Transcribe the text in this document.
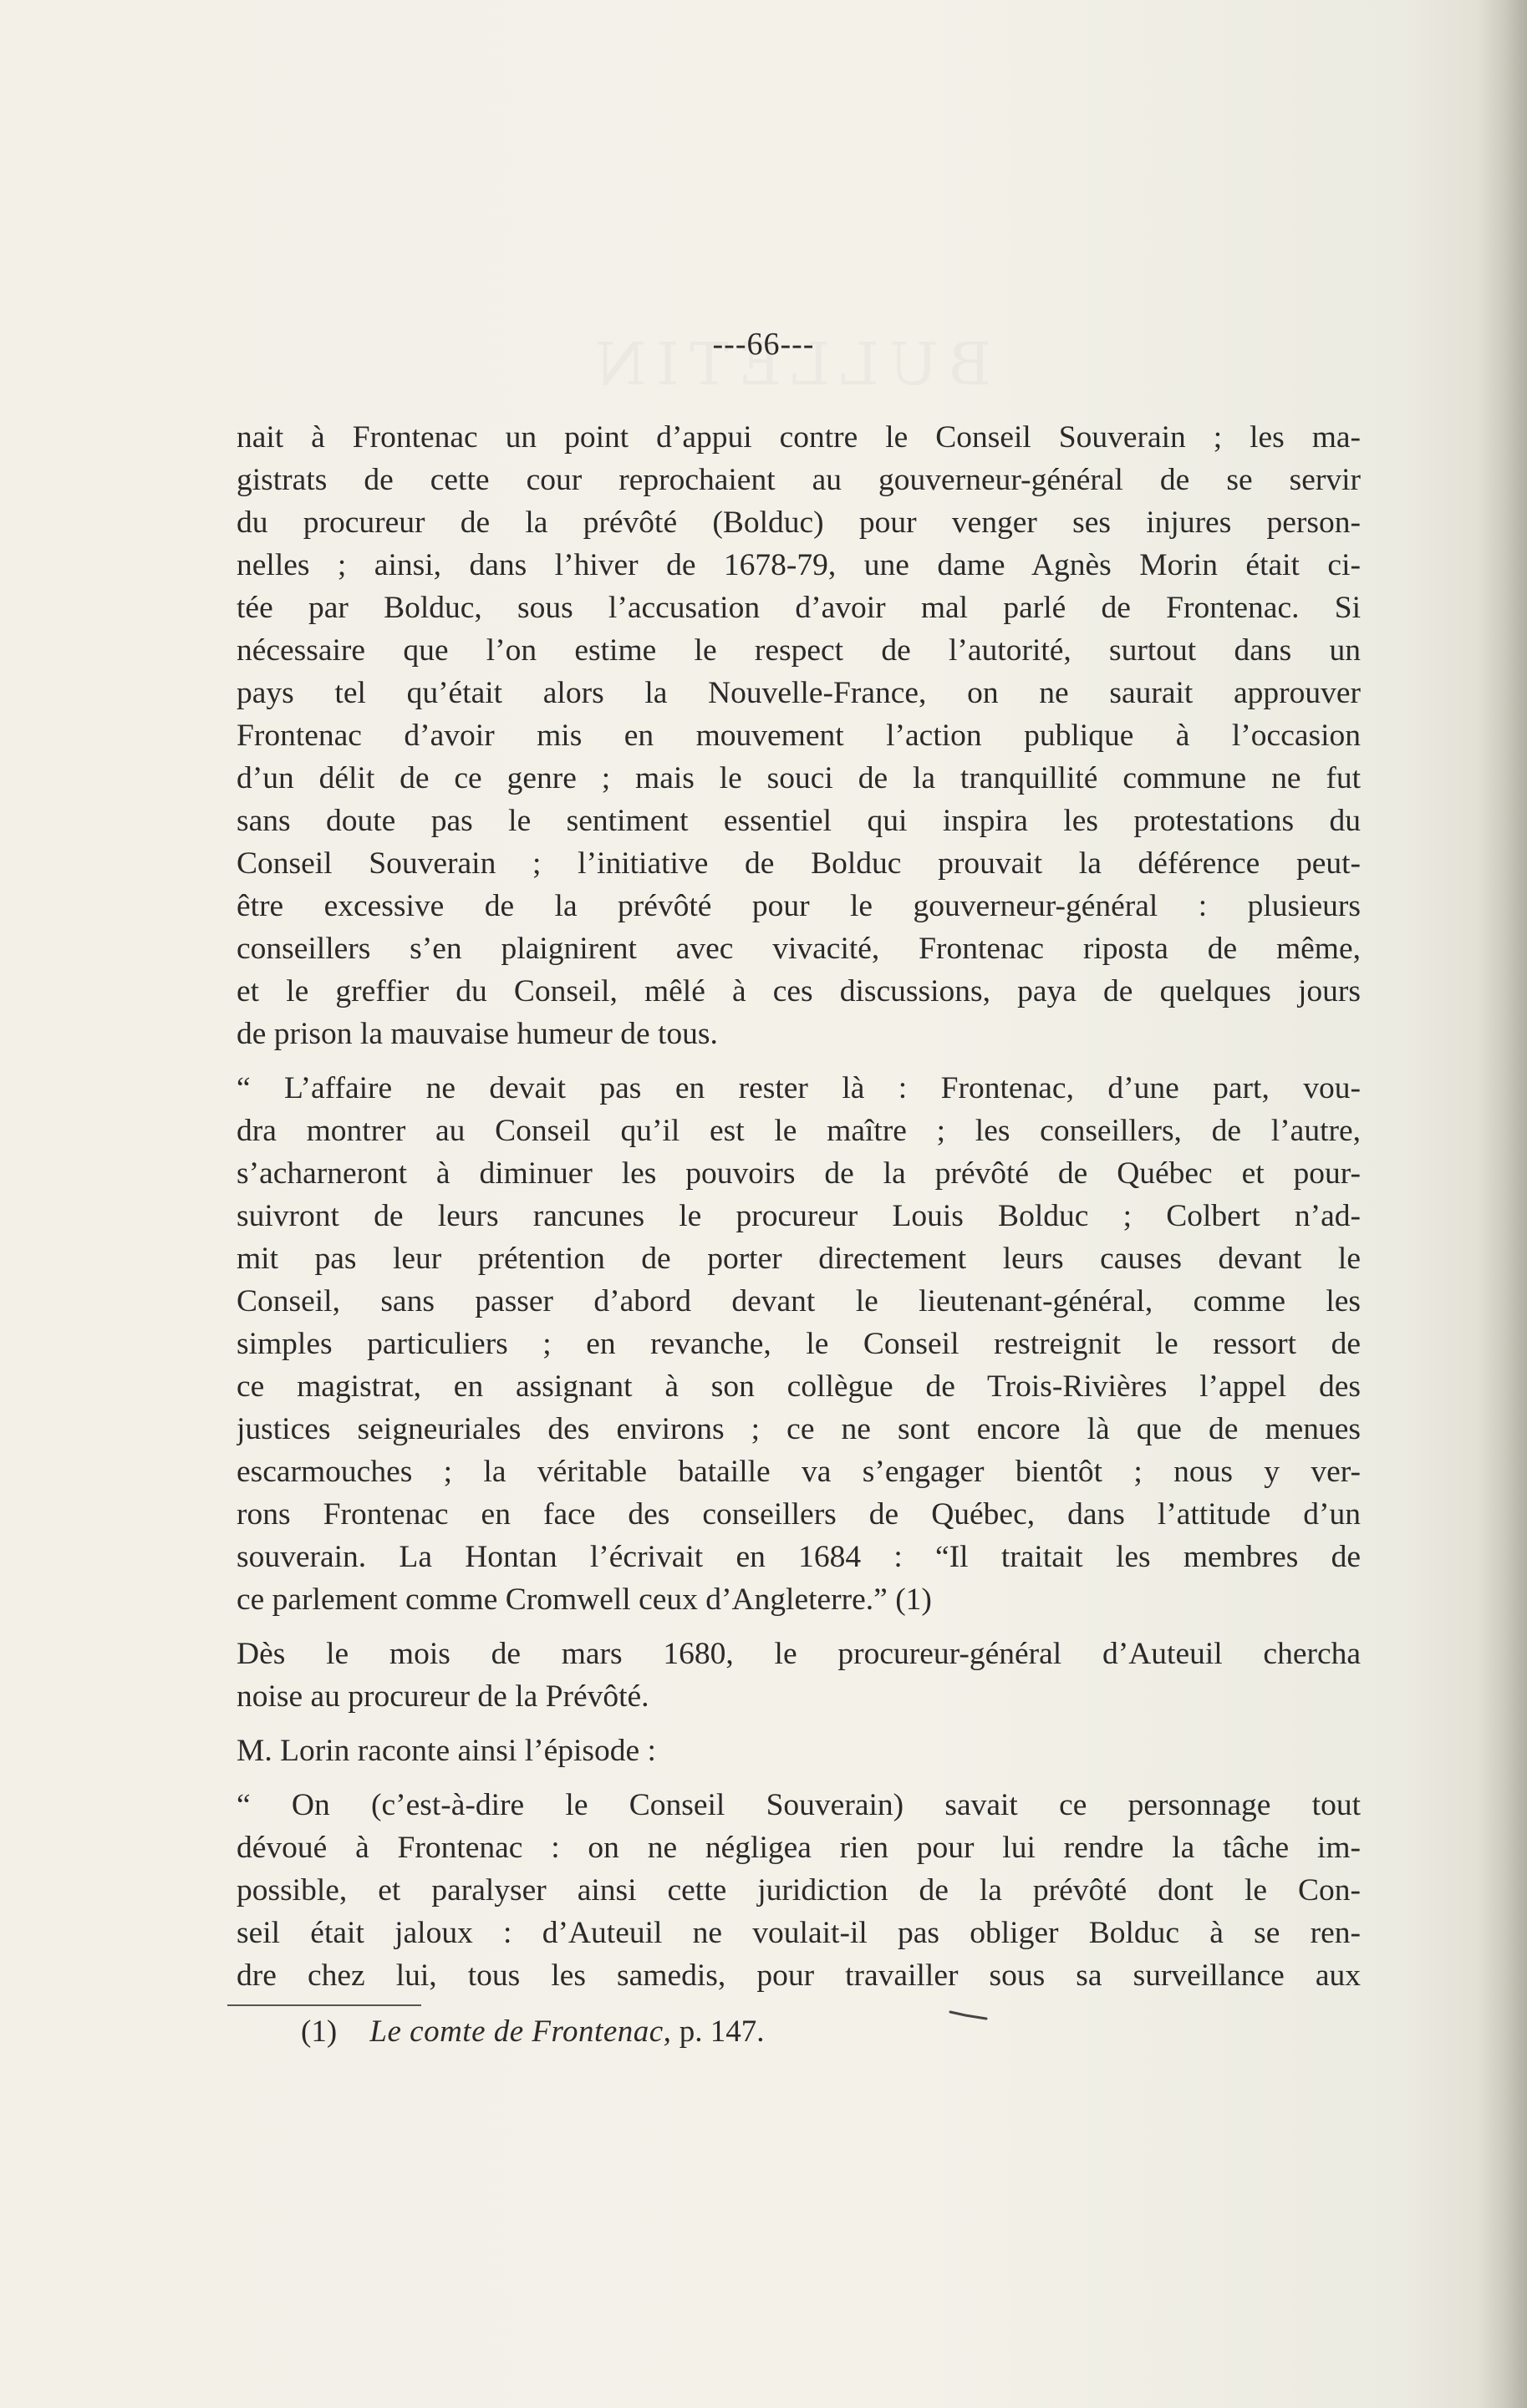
---66---
nait à Frontenac un point d’appui contre le Conseil Souverain ; les ma-
gistrats de cette cour reprochaient au gouverneur-général de se servir
du procureur de la prévôté (Bolduc) pour venger ses injures person-
nelles ; ainsi, dans l’hiver de 1678-79, une dame Agnès Morin était ci-
tée par Bolduc, sous l’accusation d’avoir mal parlé de Frontenac. Si
nécessaire que l’on estime le respect de l’autorité, surtout dans un
pays tel qu’était alors la Nouvelle-France, on ne saurait approuver
Frontenac d’avoir mis en mouvement l’action publique à l’occasion
d’un délit de ce genre ; mais le souci de la tranquillité commune ne fut
sans doute pas le sentiment essentiel qui inspira les protestations du
Conseil Souverain ; l’initiative de Bolduc prouvait la déférence peut-
être excessive de la prévôté pour le gouverneur-général : plusieurs
conseillers s’en plaignirent avec vivacité, Frontenac riposta de même,
et le greffier du Conseil, mêlé à ces discussions, paya de quelques jours
de prison la mauvaise humeur de tous.
“ L’affaire ne devait pas en rester là : Frontenac, d’une part, vou-
dra montrer au Conseil qu’il est le maître ; les conseillers, de l’autre,
s’acharneront à diminuer les pouvoirs de la prévôté de Québec et pour-
suivront de leurs rancunes le procureur Louis Bolduc ; Colbert n’ad-
mit pas leur prétention de porter directement leurs causes devant le
Conseil, sans passer d’abord devant le lieutenant-général, comme les
simples particuliers ; en revanche, le Conseil restreignit le ressort de
ce magistrat, en assignant à son collègue de Trois-Rivières l’appel des
justices seigneuriales des environs ; ce ne sont encore là que de menues
escarmouches ; la véritable bataille va s’engager bientôt ; nous y ver-
rons Frontenac en face des conseillers de Québec, dans l’attitude d’un
souverain. La Hontan l’écrivait en 1684 : “Il traitait les membres de
ce parlement comme Cromwell ceux d’Angleterre.” (1)
Dès le mois de mars 1680, le procureur-général d’Auteuil chercha
noise au procureur de la Prévôté.
M. Lorin raconte ainsi l’épisode :
“ On (c’est-à-dire le Conseil Souverain) savait ce personnage tout
dévoué à Frontenac : on ne négligea rien pour lui rendre la tâche im-
possible, et paralyser ainsi cette juridiction de la prévôté dont le Con-
seil était jaloux : d’Auteuil ne voulait-il pas obliger Bolduc à se ren-
dre chez lui, tous les samedis, pour travailler sous sa surveillance aux
(1) Le comte de Frontenac, p. 147.
